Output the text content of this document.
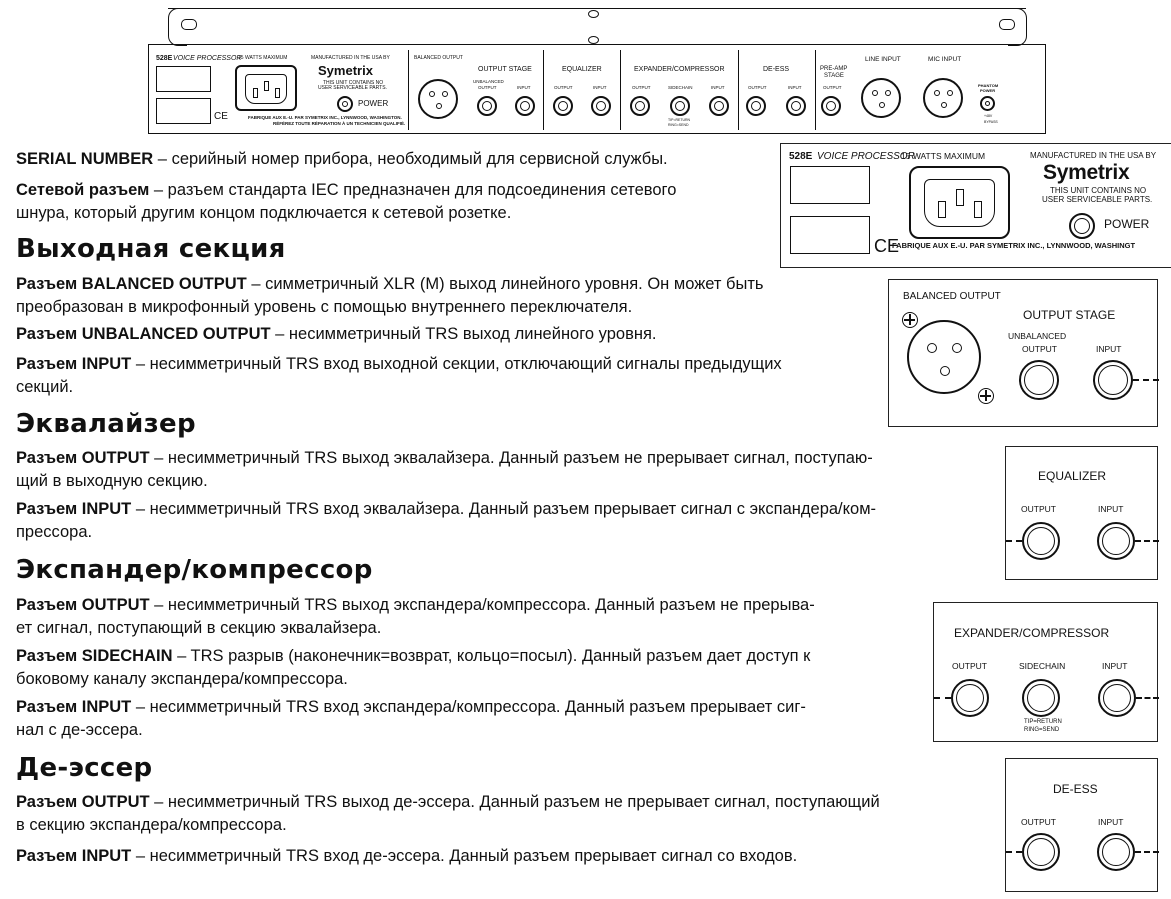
528E VOICE PROCESSOR
CE
15 WATTS MAXIMUM	MANUFACTURED IN THE USA BY
Symetrix
THIS UNIT CONTAINS NO
USER SERVICEABLE PARTS.
POWER
FABRIQUE AUX E.-U. PAR SYMETRIX INC., LYNNWOOD, WASHINGTON.
RÉFÉREZ TOUTE RÉPARATION À UN TECHNICIEN QUALIFIÉ.
BALANCED OUTPUT
OUTPUT STAGE
UNBALANCED
OUTPUT	INPUT
EQUALIZER
OUTPUT	INPUT
EXPANDER/COMPRESSOR
OUTPUT	SIDECHAIN	INPUT
TIP=RETURN
RING=SEND
DE-ESS
OUTPUT	INPUT
PRE-AMP
STAGE
OUTPUT
LINE INPUT	MIC INPUT
PHANTOM
POWER
+48V
BYPASS
SERIAL NUMBER – серийный номер прибора, необходимый для сервисной службы.
Сетевой разъем – разъем стандарта IEC предназначен для подсоединения сетевого
шнура, который другим концом подключается к сетевой розетке.
Выходная секция
Разъем BALANCED OUTPUT – симметричный XLR (M) выход линейного уровня. Он может быть
преобразован в микрофонный уровень с помощью внутреннего переключателя.
Разъем UNBALANCED OUTPUT – несимметричный TRS выход линейного уровня.
Разъем INPUT – несимметричный TRS вход выходной секции, отключающий сигналы предыдущих
секций.
Эквалайзер
Разъем OUTPUT – несимметричный TRS выход эквалайзера. Данный разъем не прерывает сигнал, поступаю-
щий в выходную секцию.
Разъем INPUT – несимметричный TRS вход эквалайзера. Данный разъем прерывает сигнал с экспандера/ком-
прессора.
Экспандер/компрессор
Разъем OUTPUT – несимметричный TRS выход экспандера/компрессора. Данный разъем не прерыва-
ет сигнал, поступающий в секцию эквалайзера.
Разъем SIDECHAIN – TRS разрыв (наконечник=возврат, кольцо=посыл). Данный разъем дает доступ к
боковому каналу экспандера/компрессора.
Разъем INPUT – несимметричный TRS вход экспандера/компрессора. Данный разъем прерывает сиг-
нал с де-эссера.
Де-эссер
Разъем OUTPUT – несимметричный TRS выход де-эссера. Данный разъем не прерывает сигнал, поступающий
в секцию экспандера/компрессора.
Разъем INPUT – несимметричный TRS вход де-эссера. Данный разъем прерывает сигнал со входов.
528E VOICE PROCESSOR
CE
15 WATTS MAXIMUM	MANUFACTURED IN THE USA BY
Symetrix
THIS UNIT CONTAINS NO
USER SERVICEABLE PARTS.
POWER
FABRIQUE AUX E.-U. PAR SYMETRIX INC., LYNNWOOD, WASHINGT
BALANCED OUTPUT
OUTPUT STAGE
UNBALANCED
OUTPUT	INPUT
EQUALIZER
OUTPUT	INPUT
EXPANDER/COMPRESSOR
OUTPUT	SIDECHAIN	INPUT
TIP=RETURN
RING=SEND
DE-ESS
OUTPUT	INPUT
